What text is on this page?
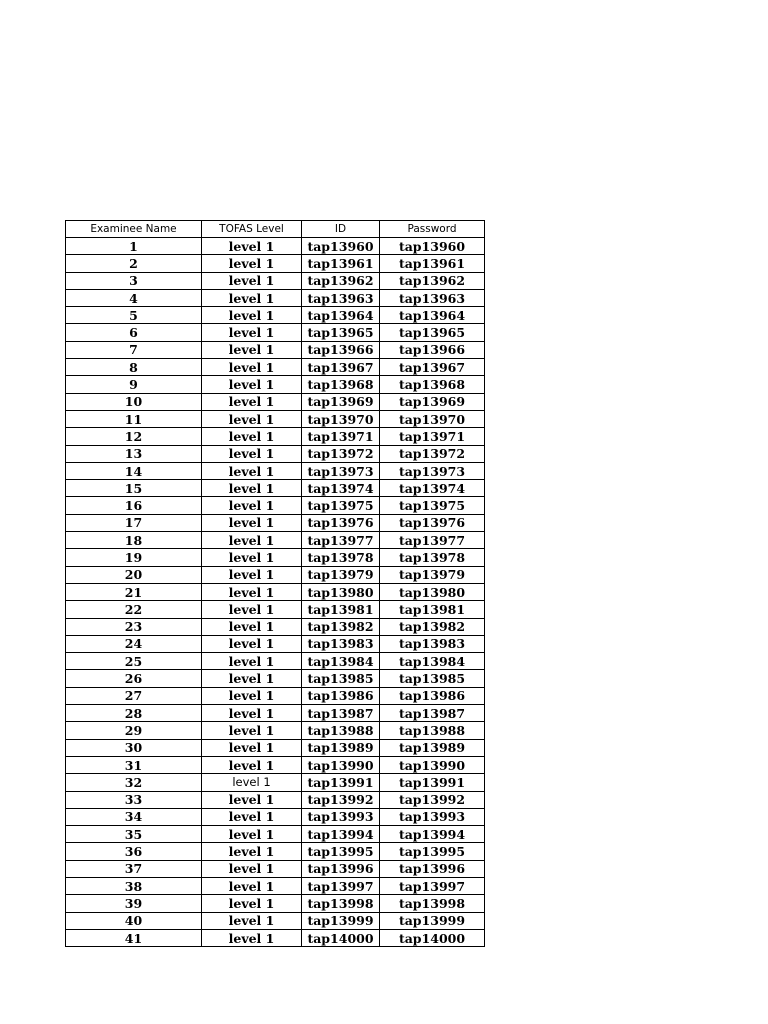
Examinee Name	TOFAS Level	ID	Password
1	level 1	tap13960	tap13960
2	level 1	tap13961	tap13961
3	level 1	tap13962	tap13962
4	level 1	tap13963	tap13963
5	level 1	tap13964	tap13964
6	level 1	tap13965	tap13965
7	level 1	tap13966	tap13966
8	level 1	tap13967	tap13967
9	level 1	tap13968	tap13968
10	level 1	tap13969	tap13969
11	level 1	tap13970	tap13970
12	level 1	tap13971	tap13971
13	level 1	tap13972	tap13972
14	level 1	tap13973	tap13973
15	level 1	tap13974	tap13974
16	level 1	tap13975	tap13975
17	level 1	tap13976	tap13976
18	level 1	tap13977	tap13977
19	level 1	tap13978	tap13978
20	level 1	tap13979	tap13979
21	level 1	tap13980	tap13980
22	level 1	tap13981	tap13981
23	level 1	tap13982	tap13982
24	level 1	tap13983	tap13983
25	level 1	tap13984	tap13984
26	level 1	tap13985	tap13985
27	level 1	tap13986	tap13986
28	level 1	tap13987	tap13987
29	level 1	tap13988	tap13988
30	level 1	tap13989	tap13989
31	level 1	tap13990	tap13990
32	level 1	tap13991	tap13991
33	level 1	tap13992	tap13992
34	level 1	tap13993	tap13993
35	level 1	tap13994	tap13994
36	level 1	tap13995	tap13995
37	level 1	tap13996	tap13996
38	level 1	tap13997	tap13997
39	level 1	tap13998	tap13998
40	level 1	tap13999	tap13999
41	level 1	tap14000	tap14000
